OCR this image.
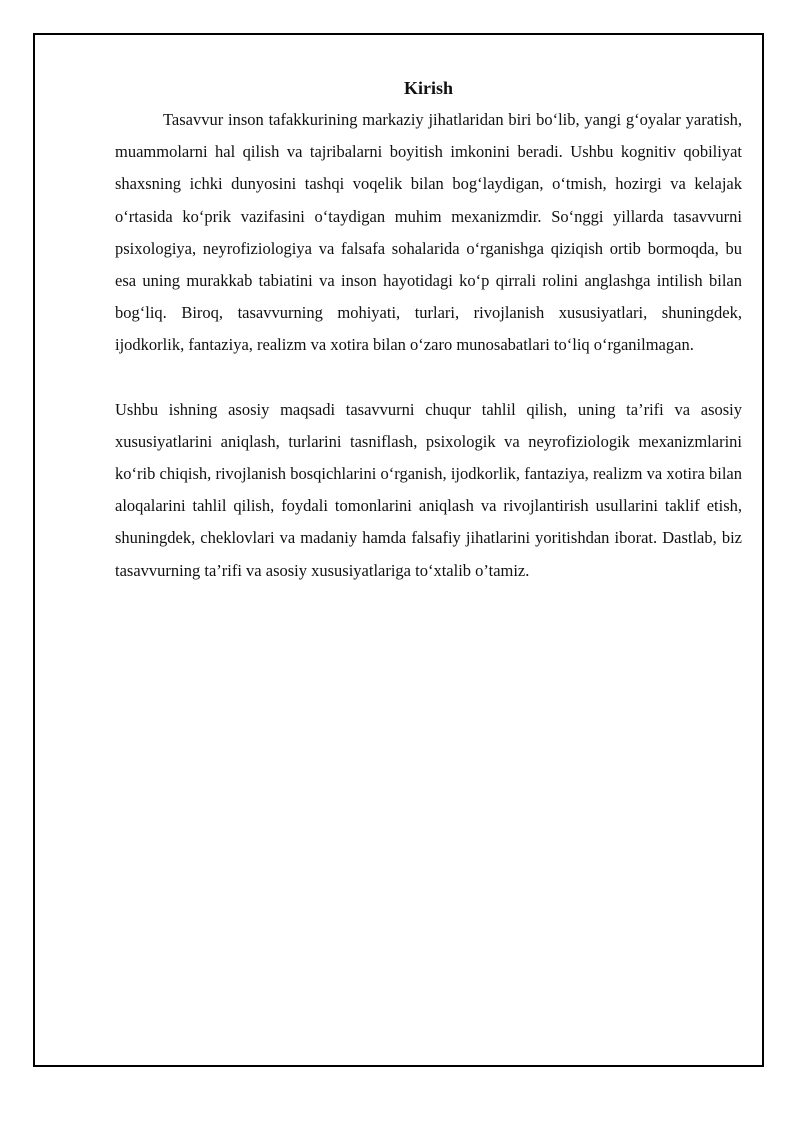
Kirish

Tasavvur inson tafakkurining markaziy jihatlaridan biri bo‘lib, yangi g‘oyalar yaratish, muammolarni hal qilish va tajribalarni boyitish imkonini beradi. Ushbu kognitiv qobiliyat shaxsning ichki dunyosini tashqi voqelik bilan bog‘laydigan, o‘tmish, hozirgi va kelajak o‘rtasida ko‘prik vazifasini o‘taydigan muhim mexanizmdir. So‘nggi yillarda tasavvurni psixologiya, neyrofiziologiya va falsafa sohalarida o‘rganishga qiziqish ortib bormoqda, bu esa uning murakkab tabiatini va inson hayotidagi ko‘p qirrali rolini anglashga intilish bilan bog‘liq. Biroq, tasavvurning mohiyati, turlari, rivojlanish xususiyatlari, shuningdek, ijodkorlik, fantaziya, realizm va xotira bilan o‘zaro munosabatlari to‘liq o‘rganilmagan.

Ushbu ishning asosiy maqsadi tasavvurni chuqur tahlil qilish, uning ta’rifi va asosiy xususiyatlarini aniqlash, turlarini tasniflash, psixologik va neyrofiziologik mexanizmlarini ko‘rib chiqish, rivojlanish bosqichlarini o‘rganish, ijodkorlik, fantaziya, realizm va xotira bilan aloqalarini tahlil qilish, foydali tomonlarini aniqlash va rivojlantirish usullarini taklif etish, shuningdek, cheklovlari va madaniy hamda falsafiy jihatlarini yoritishdan iborat. Dastlab, biz tasavvurning ta’rifi va asosiy xususiyatlariga to‘xtalib o’tamiz.
